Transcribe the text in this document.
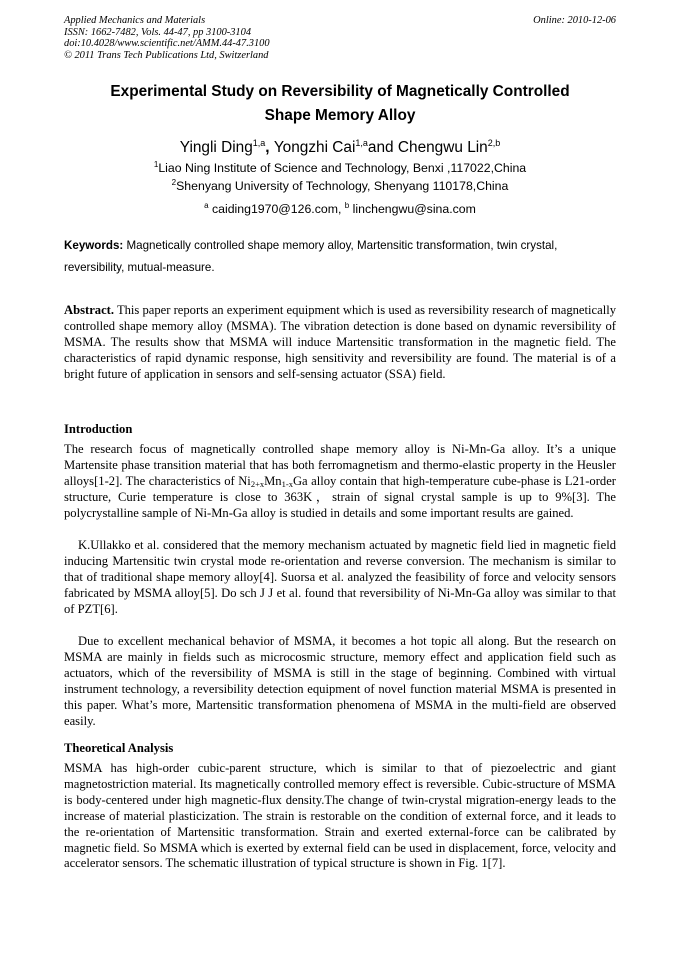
Applied Mechanics and Materials
ISSN: 1662-7482, Vols. 44-47, pp 3100-3104
doi:10.4028/www.scientific.net/AMM.44-47.3100
© 2011 Trans Tech Publications Ltd, Switzerland
Online: 2010-12-06
Experimental Study on Reversibility of Magnetically Controlled
Shape Memory Alloy
Yingli Ding$^{1,a}$, Yongzhi Cai$^{1,a}$and Chengwu Lin$^{2,b}$
$^1$Liao Ning Institute of Science and Technology, Benxi ,117022,China
$^2$Shenyang University of Technology, Shenyang 110178,China
$^a$ caiding1970@126.com, $^b$ linchengwu@sina.com
Keywords: Magnetically controlled shape memory alloy, Martensitic transformation, twin crystal, reversibility, mutual-measure.
Abstract. This paper reports an experiment equipment which is used as reversibility research of magnetically controlled shape memory alloy (MSMA). The vibration detection is done based on dynamic reversibility of MSMA. The results show that MSMA will induce Martensitic transformation in the magnetic field. The characteristics of rapid dynamic response, high sensitivity and reversibility are found. The material is of a bright future of application in sensors and self-sensing actuator (SSA) field.
Introduction
The research focus of magnetically controlled shape memory alloy is Ni-Mn-Ga alloy. It’s a unique Martensite phase transition material that has both ferromagnetism and thermo-elastic property in the Heusler alloys[1-2]. The characteristics of $Ni_{2+x}Mn_{1-x}Ga$ alloy contain that high-temperature cube-phase is L21-order structure, Curie temperature is close to 363K，strain of signal crystal sample is up to 9%[3]. The polycrystalline sample of Ni-Mn-Ga alloy is studied in details and some important results are gained.
K.Ullakko et al. considered that the memory mechanism actuated by magnetic field lied in magnetic field inducing Martensitic twin crystal mode re-orientation and reverse conversion. The mechanism is similar to that of traditional shape memory alloy[4]. Suorsa et al. analyzed the feasibility of force and velocity sensors fabricated by MSMA alloy[5]. Do sch J J et al. found that reversibility of Ni-Mn-Ga alloy was similar to that of PZT[6].
Due to excellent mechanical behavior of MSMA, it becomes a hot topic all along. But the research on MSMA are mainly in fields such as microcosmic structure, memory effect and application field such as actuators, which of the reversibility of MSMA is still in the stage of beginning. Combined with virtual instrument technology, a reversibility detection equipment of novel function material MSMA is presented in this paper. What’s more, Martensitic transformation phenomena of MSMA in the multi-field are observed easily.
Theoretical Analysis
MSMA has high-order cubic-parent structure, which is similar to that of piezoelectric and giant magnetostriction material. Its magnetically controlled memory effect is reversible. Cubic-structure of MSMA is body-centered under high magnetic-flux density.The change of twin-crystal migration-energy leads to the increase of material plasticization. The strain is restorable on the condition of external force, and it leads to the re-orientation of Martensitic transformation. Strain and exerted external-force can be calibrated by magnetic field. So MSMA which is exerted by external field can be used in displacement, force, velocity and accelerator sensors. The schematic illustration of typical structure is shown in Fig. 1[7].
